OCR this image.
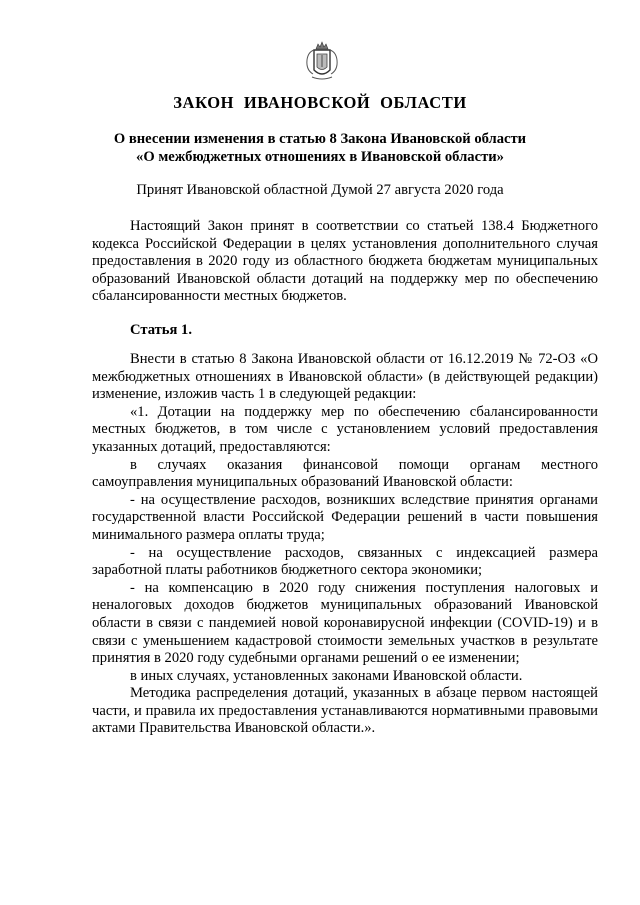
ЗАКОН ИВАНОВСКОЙ ОБЛАСТИ
О внесении изменения в статью 8 Закона Ивановской области
«О межбюджетных отношениях в Ивановской области»
Принят Ивановской областной Думой 27 августа 2020 года

Настоящий Закон принят в соответствии со статьей 138.4 Бюджетного кодекса Российской Федерации в целях установления дополнительного случая предоставления в 2020 году из областного бюджета бюджетам муниципальных образований Ивановской области дотаций на поддержку мер по обеспечению сбалансированности местных бюджетов.

Статья 1.

Внести в статью 8 Закона Ивановской области от 16.12.2019 № 72-ОЗ «О межбюджетных отношениях в Ивановской области» (в действующей редакции) изменение, изложив часть 1 в следующей редакции:

«1. Дотации на поддержку мер по обеспечению сбалансированности местных бюджетов, в том числе с установлением условий предоставления указанных дотаций, предоставляются:

в случаях оказания финансовой помощи органам местного самоуправления муниципальных образований Ивановской области:

- на осуществление расходов, возникших вследствие принятия органами государственной власти Российской Федерации решений в части повышения минимального размера оплаты труда;

- на осуществление расходов, связанных с индексацией размера заработной платы работников бюджетного сектора экономики;

- на компенсацию в 2020 году снижения поступления налоговых и неналоговых доходов бюджетов муниципальных образований Ивановской области в связи с пандемией новой коронавирусной инфекции (COVID-19) и в связи с уменьшением кадастровой стоимости земельных участков в результате принятия в 2020 году судебными органами решений о ее изменении;

в иных случаях, установленных законами Ивановской области.

Методика распределения дотаций, указанных в абзаце первом настоящей части, и правила их предоставления устанавливаются нормативными правовыми актами Правительства Ивановской области.».
